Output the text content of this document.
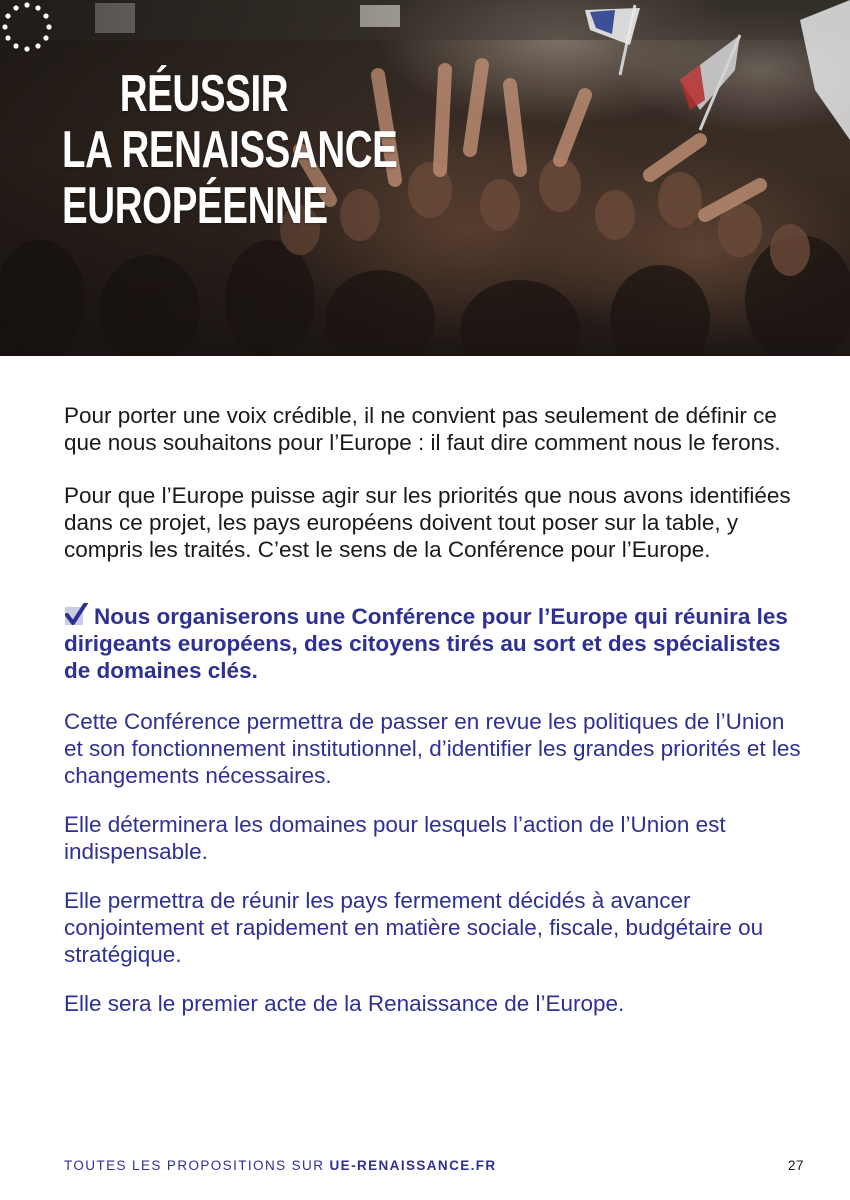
RÉUSSIR
LA RENAISSANCE
EUROPÉENNE

Pour porter une voix crédible, il ne convient pas seulement de définir ce que nous souhaitons pour l’Europe : il faut dire comment nous le ferons.

Pour que l’Europe puisse agir sur les priorités que nous avons identifiées dans ce projet, les pays européens doivent tout poser sur la table, y compris les traités. C’est le sens de la Conférence pour l’Europe.

Nous organiserons une Conférence pour l’Europe qui réunira les dirigeants européens, des citoyens tirés au sort et des spécialistes de domaines clés.

Cette Conférence permettra de passer en revue les politiques de l’Union et son fonctionnement institutionnel, d’identifier les grandes priorités et les changements nécessaires.

Elle déterminera les domaines pour lesquels l’action de l’Union est indispensable.

Elle permettra de réunir les pays fermement décidés à avancer conjointement et rapidement en matière sociale, fiscale, budgétaire ou stratégique.

Elle sera le premier acte de la Renaissance de l’Europe.

TOUTES LES PROPOSITIONS SUR UE-RENAISSANCE.FR	27
